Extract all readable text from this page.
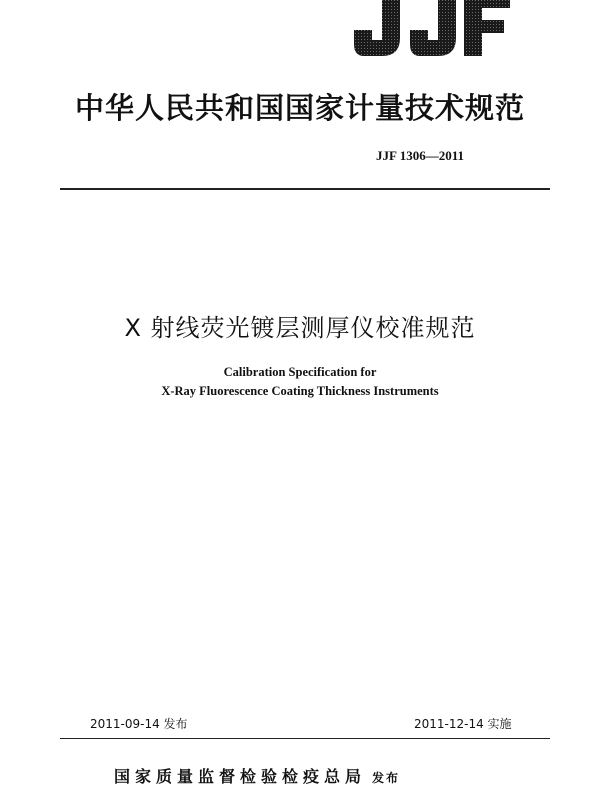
中华人民共和国国家计量技术规范
JJF 1306—2011
X 射线荧光镀层测厚仪校准规范
Calibration Specification for
X-Ray Fluorescence Coating Thickness Instruments
2011-09-14 发布	2011-12-14 实施
国家质量监督检验检疫总局 发布
